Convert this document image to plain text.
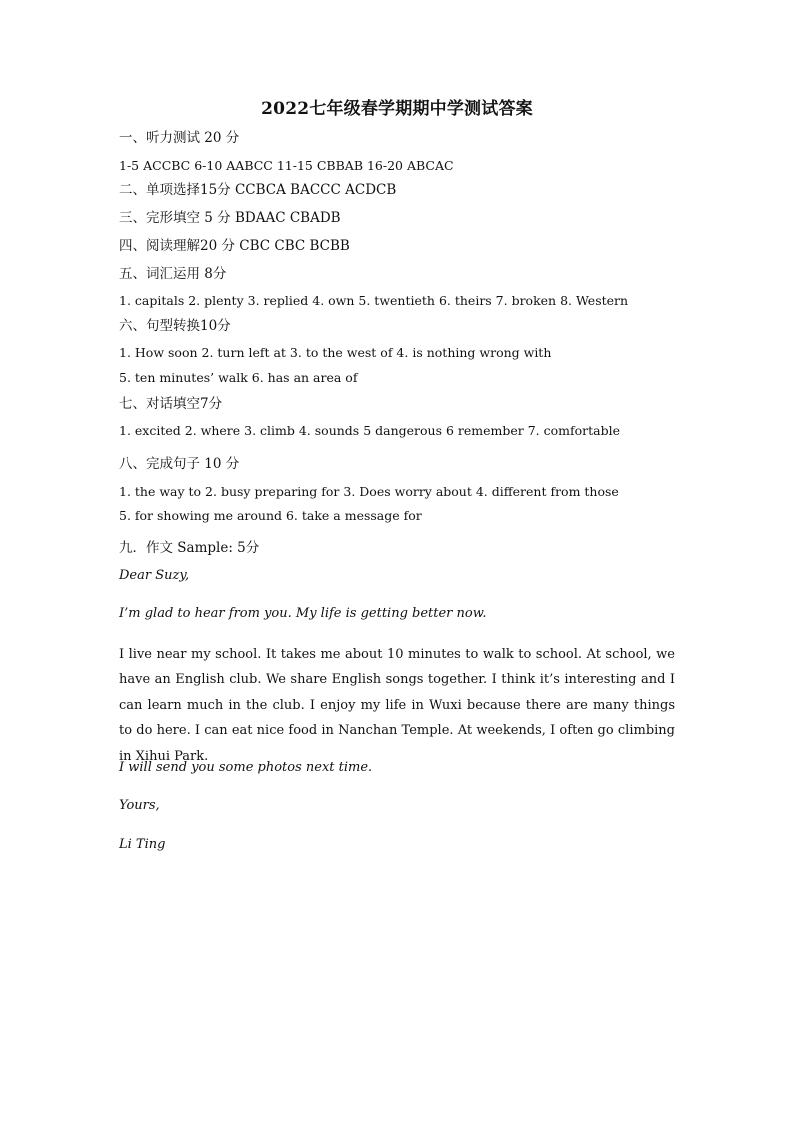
2022七年级春学期期中学测试答案
一、听力测试 20 分
1-5 ACCBC 6-10 AABCC 11-15 CBBAB 16-20 ABCAC
二、单项选择15分 CCBCA BACCC ACDCB
三、完形填空 5 分 BDAAC CBADB
四、阅读理解20 分 CBC CBC BCBB
五、词汇运用 8分
1. capitals 2. plenty 3. replied 4. own 5. twentieth 6. theirs 7. broken 8. Western
六、句型转换10分
1. How soon 2. turn left at 3. to the west of 4. is nothing wrong with
5. ten minutes’ walk 6. has an area of
七、对话填空7分
1. excited 2. where 3. climb 4. sounds 5 dangerous 6 remember 7. comfortable
八、完成句子 10 分
1. the way to 2. busy preparing for 3. Does worry about 4. different from those
5. for showing me around 6. take a message for
九．作文 Sample: 5分
Dear Suzy,
I’m glad to hear from you. My life is getting better now.
I live near my school. It takes me about 10 minutes to walk to school. At school, we have an English club. We share English songs together. I think it’s interesting and I can learn much in the club. I enjoy my life in Wuxi because there are many things to do here. I can eat nice food in Nanchan Temple. At weekends, I often go climbing in Xihui Park.
I will send you some photos next time.
Yours,
Li Ting
